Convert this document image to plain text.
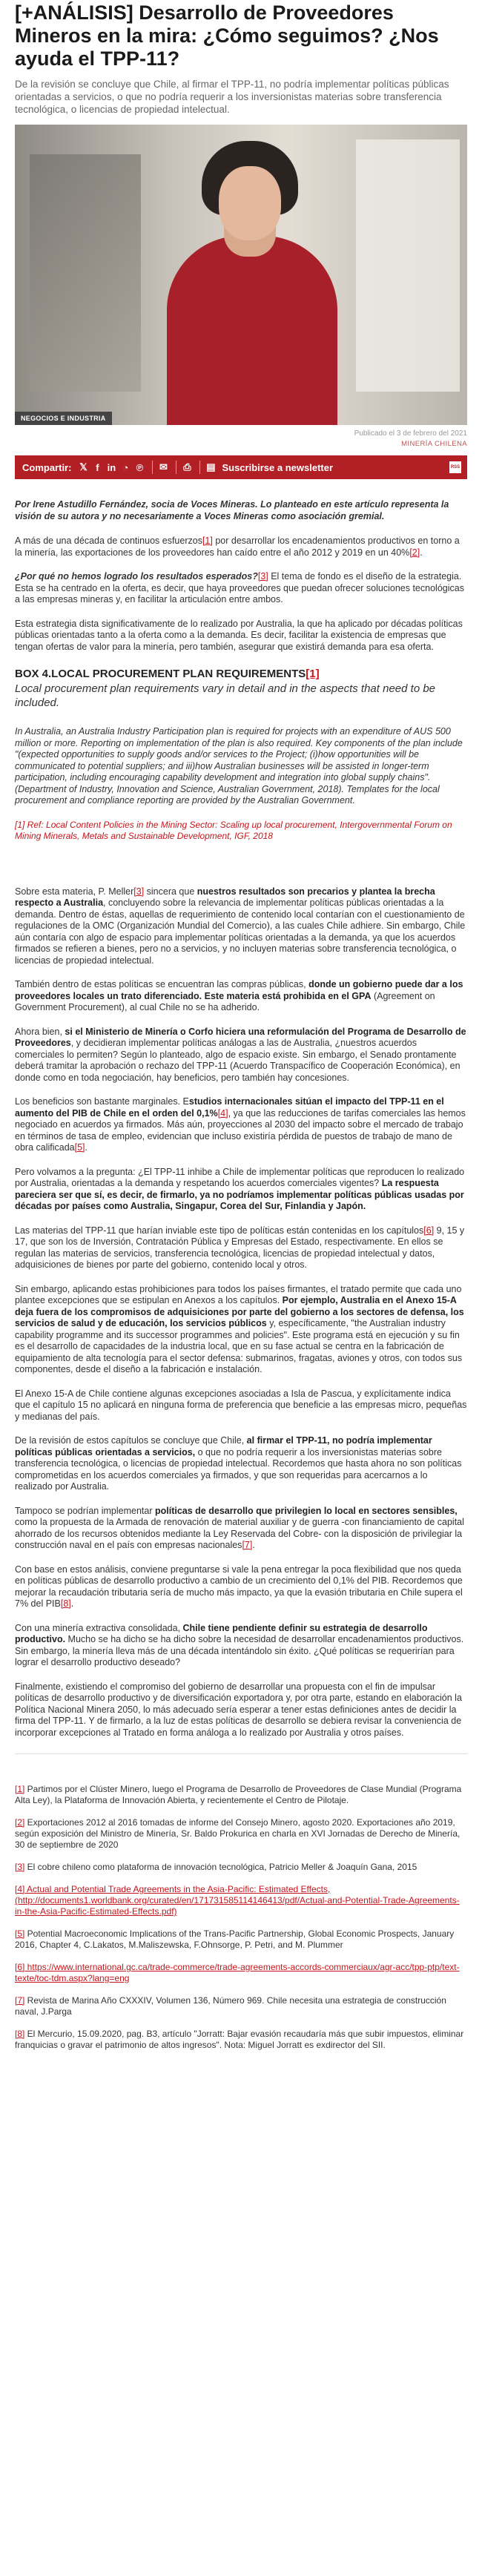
[+ANÁLISIS] Desarrollo de Proveedores Mineros en la mira: ¿Cómo seguimos? ¿Nos ayuda el TPP-11?
De la revisión se concluye que Chile, al firmar el TPP-11, no podría implementar políticas públicas orientadas a servicios, o que no podría requerir a los inversionistas materias sobre transferencia tecnológica, o licencias de propiedad intelectual.
NEGOCIOS E INDUSTRIA
Publicado el 3 de febrero del 2021
MINERÍA CHILENA
Compartir: 𝕏 f in ◔ ℗ ✉ ⎙ ▤ Suscribirse a newsletter	RSS
Por Irene Astudillo Fernández, socia de Voces Mineras. Lo planteado en este artículo representa la visión de su autora y no necesariamente a Voces Mineras como asociación gremial.

A más de una década de continuos esfuerzos[1] por desarrollar los encadenamientos productivos en torno a la minería, las exportaciones de los proveedores han caído entre el año 2012 y 2019 en un 40%[2].

¿Por qué no hemos logrado los resultados esperados?[3] El tema de fondo es el diseño de la estrategia. Esta se ha centrado en la oferta, es decir, que haya proveedores que puedan ofrecer soluciones tecnológicas a las empresas mineras y, en facilitar la articulación entre ambos.

Esta estrategia dista significativamente de lo realizado por Australia, la que ha aplicado por décadas políticas públicas orientadas tanto a la oferta como a la demanda. Es decir, facilitar la existencia de empresas que tengan ofertas de valor para la minería, pero también, asegurar que existirá demanda para esa oferta.

BOX 4.LOCAL PROCUREMENT PLAN REQUIREMENTS[1]
Local procurement plan requirements vary in detail and in the aspects that need to be included.

In Australia, an Australia Industry Participation plan is required for projects with an expenditure of AUS 500 million or more. Reporting on implementation of the plan is also required. Key components of the plan include "(expected opportunities to supply goods and/or services to the Project; (i)how opportunities will be communicated to potential suppliers; and iii)how Australian businesses will be assisted in longer-term participation, including encouraging capability development and integration into global supply chains". (Department of Industry, Innovation and Science, Australian Government, 2018). Templates for the local procurement and compliance reporting are provided by the Australian Government.

[1] Ref: Local Content Policies in the Mining Sector: Scaling up local procurement, Intergovernmental Forum on Mining Minerals, Metals and Sustainable Development, IGF, 2018

Sobre esta materia, P. Meller[3] sincera que nuestros resultados son precarios y plantea la brecha respecto a Australia, concluyendo sobre la relevancia de implementar políticas públicas orientadas a la demanda. Dentro de éstas, aquellas de requerimiento de contenido local contarían con el cuestionamiento de regulaciones de la OMC (Organización Mundial del Comercio), a las cuales Chile adhiere. Sin embargo, Chile aún contaría con algo de espacio para implementar políticas orientadas a la demanda, ya que los acuerdos firmados se refieren a bienes, pero no a servicios, y no incluyen materias sobre transferencia tecnológica, o licencias de propiedad intelectual.

También dentro de estas políticas se encuentran las compras públicas, donde un gobierno puede dar a los proveedores locales un trato diferenciado. Este materia está prohibida en el GPA (Agreement on Government Procurement), al cual Chile no se ha adherido.

Ahora bien, si el Ministerio de Minería o Corfo hiciera una reformulación del Programa de Desarrollo de Proveedores, y decidieran implementar políticas análogas a las de Australia, ¿nuestros acuerdos comerciales lo permiten? Según lo planteado, algo de espacio existe. Sin embargo, el Senado prontamente deberá tramitar la aprobación o rechazo del TPP-11 (Acuerdo Transpacífico de Cooperación Económica), en donde como en toda negociación, hay beneficios, pero también hay concesiones.

Los beneficios son bastante marginales. Estudios internacionales sitúan el impacto del TPP-11 en el aumento del PIB de Chile en el orden del 0,1%[4], ya que las reducciones de tarifas comerciales las hemos negociado en acuerdos ya firmados. Más aún, proyecciones al 2030 del impacto sobre el mercado de trabajo en términos de tasa de empleo, evidencian que incluso existiría pérdida de puestos de trabajo de mano de obra calificada[5].

Pero volvamos a la pregunta: ¿El TPP-11 inhibe a Chile de implementar políticas que reproducen lo realizado por Australia, orientadas a la demanda y respetando los acuerdos comerciales vigentes? La respuesta pareciera ser que sí, es decir, de firmarlo, ya no podríamos implementar políticas públicas usadas por décadas por países como Australia, Singapur, Corea del Sur, Finlandia y Japón.

Las materias del TPP-11 que harían inviable este tipo de políticas están contenidas en los capítulos[6] 9, 15 y 17, que son los de Inversión, Contratación Pública y Empresas del Estado, respectivamente. En ellos se regulan las materias de servicios, transferencia tecnológica, licencias de propiedad intelectual y datos, adquisiciones de bienes por parte del gobierno, contenido local y otros.

Sin embargo, aplicando estas prohibiciones para todos los países firmantes, el tratado permite que cada uno plantee excepciones que se estipulan en Anexos a los capítulos. Por ejemplo, Australia en el Anexo 15-A deja fuera de los compromisos de adquisiciones por parte del gobierno a los sectores de defensa, los servicios de salud y de educación, los servicios públicos y, específicamente, "the Australian industry capability programme and its successor programmes and policies". Este programa está en ejecución y su fin es el desarrollo de capacidades de la industria local, que en su fase actual se centra en la fabricación de equipamiento de alta tecnología para el sector defensa: submarinos, fragatas, aviones y otros, con todos sus componentes, desde el diseño a la fabricación e instalación.

El Anexo 15-A de Chile contiene algunas excepciones asociadas a Isla de Pascua, y explícitamente indica que el capítulo 15 no aplicará en ninguna forma de preferencia que beneficie a las empresas micro, pequeñas y medianas del país.

De la revisión de estos capítulos se concluye que Chile, al firmar el TPP-11, no podría implementar políticas públicas orientadas a servicios, o que no podría requerir a los inversionistas materias sobre transferencia tecnológica, o licencias de propiedad intelectual. Recordemos que hasta ahora no son políticas comprometidas en los acuerdos comerciales ya firmados, y que son requeridas para acercarnos a lo realizado por Australia.

Tampoco se podrían implementar políticas de desarrollo que privilegien lo local en sectores sensibles, como la propuesta de la Armada de renovación de material auxiliar y de guerra -con financiamiento de capital ahorrado de los recursos obtenidos mediante la Ley Reservada del Cobre- con la disposición de privilegiar la construcción naval en el país con empresas nacionales[7].

Con base en estos análisis, conviene preguntarse si vale la pena entregar la poca flexibilidad que nos queda en políticas públicas de desarrollo productivo a cambio de un crecimiento del 0,1% del PIB. Recordemos que mejorar la recaudación tributaria sería de mucho más impacto, ya que la evasión tributaria en Chile supera el 7% del PIB[8].

Con una minería extractiva consolidada, Chile tiene pendiente definir su estrategia de desarrollo productivo. Mucho se ha dicho se ha dicho sobre la necesidad de desarrollar encadenamientos productivos. Sin embargo, la minería lleva más de una década intentándolo sin éxito. ¿Qué políticas se requerirían para lograr el desarrollo productivo deseado?

Finalmente, existiendo el compromiso del gobierno de desarrollar una propuesta con el fin de impulsar políticas de desarrollo productivo y de diversificación exportadora y, por otra parte, estando en elaboración la Política Nacional Minera 2050, lo más adecuado sería esperar a tener estas definiciones antes de decidir la firma del TPP-11. Y de firmarlo, a la luz de estas políticas de desarrollo se debiera revisar la conveniencia de incorporar excepciones al Tratado en forma análoga a lo realizado por Australia y otros países.

[1] Partimos por el Clúster Minero, luego el Programa de Desarrollo de Proveedores de Clase Mundial (Programa Alta Ley), la Plataforma de Innovación Abierta, y recientemente el Centro de Pilotaje.

[2] Exportaciones 2012 al 2016 tomadas de informe del Consejo Minero, agosto 2020. Exportaciones año 2019, según exposición del Ministro de Minería, Sr. Baldo Prokurica en charla en XVI Jornadas de Derecho de Minería, 30 de septiembre de 2020

[3] El cobre chileno como plataforma de innovación tecnológica, Patricio Meller & Joaquín Gana, 2015

[4] Actual and Potential Trade Agreements in the Asia-Pacific: Estimated Effects, (http://documents1.worldbank.org/curated/en/171731585114146413/pdf/Actual-and-Potential-Trade-Agreements-in-the-Asia-Pacific-Estimated-Effects.pdf)

[5] Potential Macroeconomic Implications of the Trans-Pacific Partnership, Global Economic Prospects, January 2016, Chapter 4, C.Lakatos, M.Maliszewska, F.Ohnsorge, P. Petri, and M. Plummer

[6] https://www.international.gc.ca/trade-commerce/trade-agreements-accords-commerciaux/agr-acc/tpp-ptp/text-texte/toc-tdm.aspx?lang=eng

[7] Revista de Marina Año CXXXIV, Volumen 136, Número 969. Chile necesita una estrategia de construcción naval, J.Parga

[8] El Mercurio, 15.09.2020, pag. B3, artículo "Jorratt: Bajar evasión recaudaría más que subir impuestos, eliminar franquicias o gravar el patrimonio de altos ingresos". Nota: Miguel Jorratt es exdirector del SII.
